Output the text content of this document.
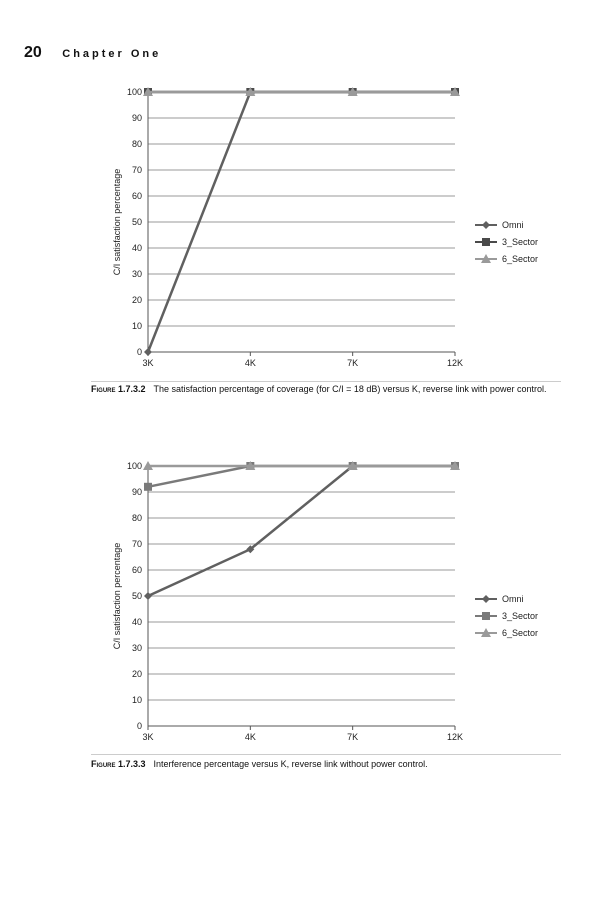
20 Chapter One
0
10
20
30
40
50
60
70
80
90
100
3K	4K	7K	12K
C/I satisfaction percentage	Omni
3_Sector
6_Sector
Figure 1.7.3.2 The satisfaction percentage of coverage (for C/I = 18 dB) versus K, reverse link with power control.
0
10
20
30
40
50
60
70
80
90
100
3K	4K	7K	12K
C/I satisfaction percentage	Omni
3_Sector
6_Sector
Figure 1.7.3.3 Interference percentage versus K, reverse link without power control.
